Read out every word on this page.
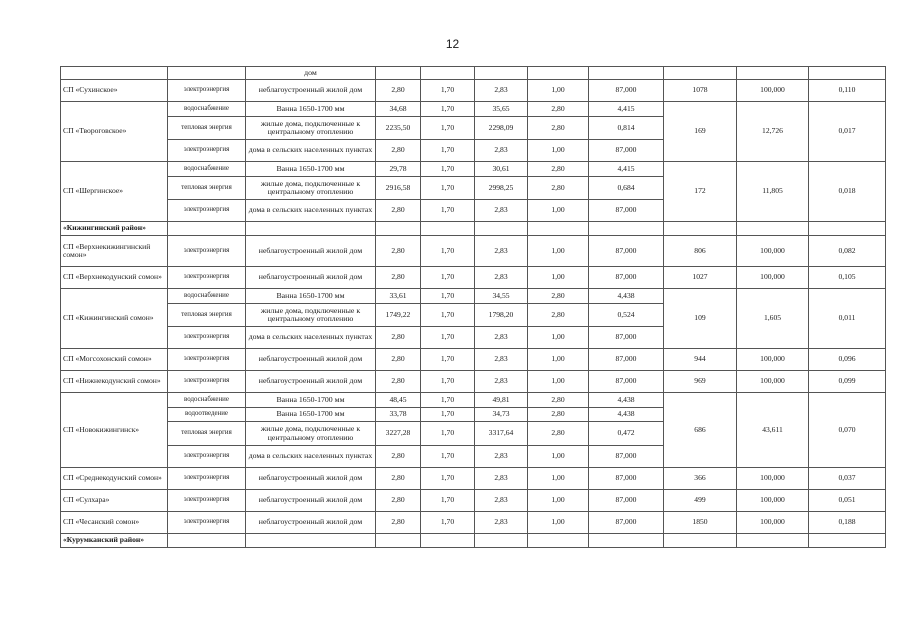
12
		дом								
СП «Сухинское»	электроэнергия	неблагоустроенный жилой дом	2,80	1,70	2,83	1,00	87,000	1078	100,000	0,110
СП «Твороговское»	водоснабжение	Ванна 1650-1700 мм	34,68	1,70	35,65	2,80	4,415	169	12,726	0,017
	тепловая энергия	жилые дома, подключенные к центральному отоплению	2235,50	1,70	2298,09	2,80	0,814			
	электроэнергия	дома в сельских населенных пунктах	2,80	1,70	2,83	1,00	87,000			
СП «Шергинское»	водоснабжение	Ванна 1650-1700 мм	29,78	1,70	30,61	2,80	4,415	172	11,805	0,018
	тепловая энергия	жилые дома, подключенные к центральному отоплению	2916,58	1,70	2998,25	2,80	0,684			
	электроэнергия	дома в сельских населенных пунктах	2,80	1,70	2,83	1,00	87,000			
«Кижингинский район»										
СП «Верхнекижингинский сомон»	электроэнергия	неблагоустроенный жилой дом	2,80	1,70	2,83	1,00	87,000	806	100,000	0,082
СП «Верхнекодунский сомон»	электроэнергия	неблагоустроенный жилой дом	2,80	1,70	2,83	1,00	87,000	1027	100,000	0,105
СП «Кижингинский сомон»	водоснабжение	Ванна 1650-1700 мм	33,61	1,70	34,55	2,80	4,438	109	1,605	0,011
	тепловая энергия	жилые дома, подключенные к центральному отоплению	1749,22	1,70	1798,20	2,80	0,524			
	электроэнергия	дома в сельских населенных пунктах	2,80	1,70	2,83	1,00	87,000			
СП «Могсохонский сомон»	электроэнергия	неблагоустроенный жилой дом	2,80	1,70	2,83	1,00	87,000	944	100,000	0,096
СП «Нижнекодунский сомон»	электроэнергия	неблагоустроенный жилой дом	2,80	1,70	2,83	1,00	87,000	969	100,000	0,099
СП «Новокижингинск»	водоснабжение	Ванна 1650-1700 мм	48,45	1,70	49,81	2,80	4,438	686	43,611	0,070
	водоотведение	Ванна 1650-1700 мм	33,78	1,70	34,73	2,80	4,438			
	тепловая энергия	жилые дома, подключенные к центральному отоплению	3227,28	1,70	3317,64	2,80	0,472			
	электроэнергия	дома в сельских населенных пунктах	2,80	1,70	2,83	1,00	87,000			
СП «Среднекодунский сомон»	электроэнергия	неблагоустроенный жилой дом	2,80	1,70	2,83	1,00	87,000	366	100,000	0,037
СП «Сулхара»	электроэнергия	неблагоустроенный жилой дом	2,80	1,70	2,83	1,00	87,000	499	100,000	0,051
СП «Чесанский сомон»	электроэнергия	неблагоустроенный жилой дом	2,80	1,70	2,83	1,00	87,000	1850	100,000	0,188
«Курумканский район»										
